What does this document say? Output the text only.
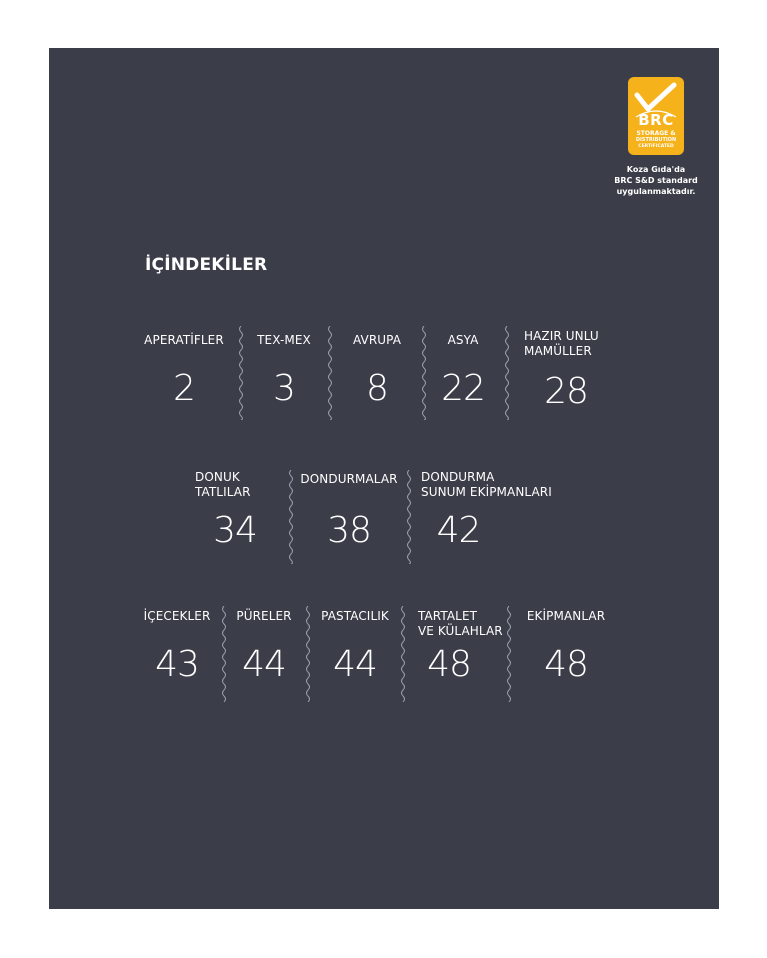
BRC
STORAGE &
DISTRIBUTION
CERTIFICATED
Koza Gıda'da
BRC S&D standard
uygulanmaktadır.
İÇİNDEKİLER
APERATİFLER
2
TEX-MEX
3
AVRUPA
8
ASYA
22
HAZIR UNLU
MAMÜLLER
28
DONUK
TATLILAR
34
DONDURMALAR
38
DONDURMA
SUNUM EKİPMANLARI
42
İÇECEKLER
43
PÜRELER
44
PASTACILIK
44
TARTALET
VE KÜLAHLAR
48
EKİPMANLAR
48
